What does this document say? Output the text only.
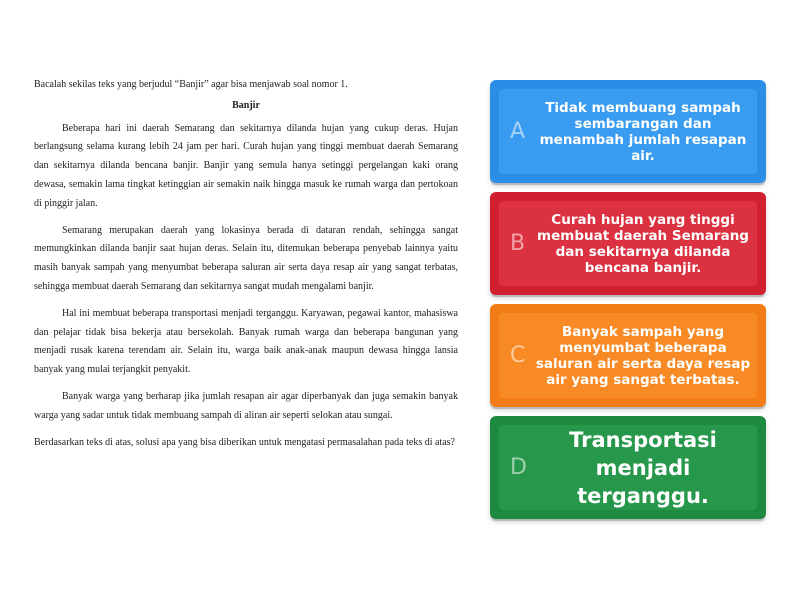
Bacalah sekilas teks yang berjudul “Banjir” agar bisa menjawab soal nomor 1.
Banjir

Beberapa hari ini daerah Semarang dan sekitarnya dilanda hujan yang cukup deras. Hujan berlangsung selama kurang lebih 24 jam per hari. Curah hujan yang tinggi membuat daerah Semarang dan sekitarnya dilanda bencana banjir. Banjir yang semula hanya setinggi pergelangan kaki orang dewasa, semakin lama tingkat ketinggian air semakin naik hingga masuk ke rumah warga dan pertokoan di pinggir jalan.

Semarang merupakan daerah yang lokasinya berada di dataran rendah, sehingga sangat memungkinkan dilanda banjir saat hujan deras. Selain itu, ditemukan beberapa penyebab lainnya yaitu masih banyak sampah yang menyumbat beberapa saluran air serta daya resap air yang sangat terbatas, sehingga membuat daerah Semarang dan sekitarnya sangat mudah mengalami banjir.

Hal ini membuat beberapa transportasi menjadi terganggu. Karyawan, pegawai kantor, mahasiswa dan pelajar tidak bisa bekerja atau bersekolah. Banyak rumah warga dan beberapa bangunan yang menjadi rusak karena terendam air. Selain itu, warga baik anak-anak maupun dewasa hingga lansia banyak yang mulai terjangkit penyakit.

Banyak warga yang berharap jika jumlah resapan air agar diperbanyak dan juga semakin banyak warga yang sadar untuk tidak membuang sampah di aliran air seperti selokan atau sungai.

Berdasarkan teks di atas, solusi apa yang bisa diberikan untuk mengatasi permasalahan pada teks di atas?

A
Tidak membuang sampah sembarangan dan menambah jumlah resapan air.
B
Curah hujan yang tinggi membuat daerah Semarang dan sekitarnya dilanda bencana banjir.
C
Banyak sampah yang menyumbat beberapa saluran air serta daya resap air yang sangat terbatas.
D
Transportasi menjadi terganggu.
